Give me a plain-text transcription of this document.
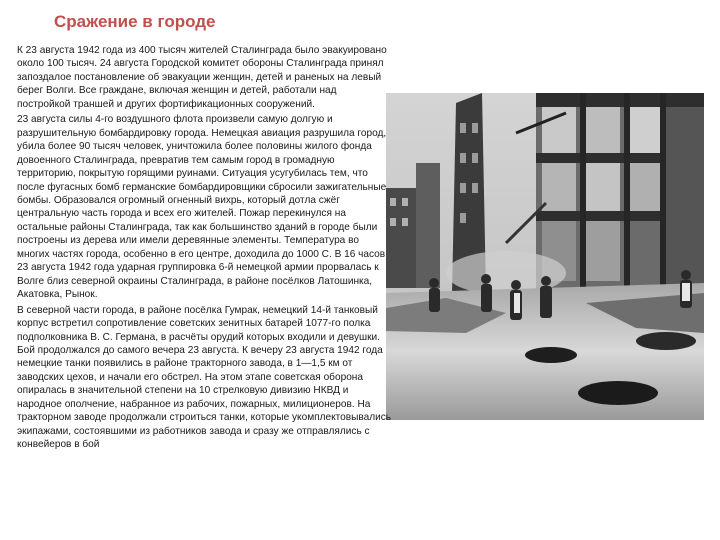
Сражение в городе

К 23 августа 1942 года из 400 тысяч жителей Сталинграда было эвакуировано около 100 тысяч. 24 августа Городской комитет обороны Сталинграда принял запоздалое постановление об эвакуации женщин, детей и раненых на левый берег Волги. Все граждане, включая женщин и детей, работали над постройкой траншей и других фортификационных сооружений.

23 августа силы 4-го воздушного флота произвели самую долгую и разрушительную бомбардировку города. Немецкая авиация разрушила город, убила более 90 тысяч человек, уничтожила более половины жилого фонда довоенного Сталинграда, превратив тем самым город в громадную территорию, покрытую горящими руинами. Ситуация усугубилась тем, что после фугасных бомб германские бомбардировщики сбросили зажигательные бомбы. Образовался огромный огненный вихрь, который дотла сжёг центральную часть города и всех его жителей. Пожар перекинулся на остальные районы Сталинграда, так как большинство зданий в городе были построены из дерева или имели деревянные элементы. Температура во многих частях города, особенно в его центре, доходила до 1000 С. В 16 часов 23 августа 1942 года ударная группировка 6-й немецкой армии прорвалась к Волге близ северной окраины Сталинграда, в районе посёлков Латошинка, Акатовка, Рынок.

В северной части города, в районе посёлка Гумрак, немецкий 14-й танковый корпус встретил сопротивление советских зенитных батарей 1077-го полка подполковника В. С. Германа, в расчёты орудий которых входили и девушки. Бой продолжался до самого вечера 23 августа. К вечеру 23 августа 1942 года немецкие танки появились в районе тракторного завода, в 1—1,5 км от заводских цехов, и начали его обстрел. На этом этапе советская оборона опиралась в значительной степени на 10 стрелковую дивизию НКВД и народное ополчение, набранное из рабочих, пожарных, милиционеров. На тракторном заводе продолжали строиться танки, которые укомплектовывались экипажами, состоявшими из работников завода и сразу же отправлялись с конвейеров в бой
